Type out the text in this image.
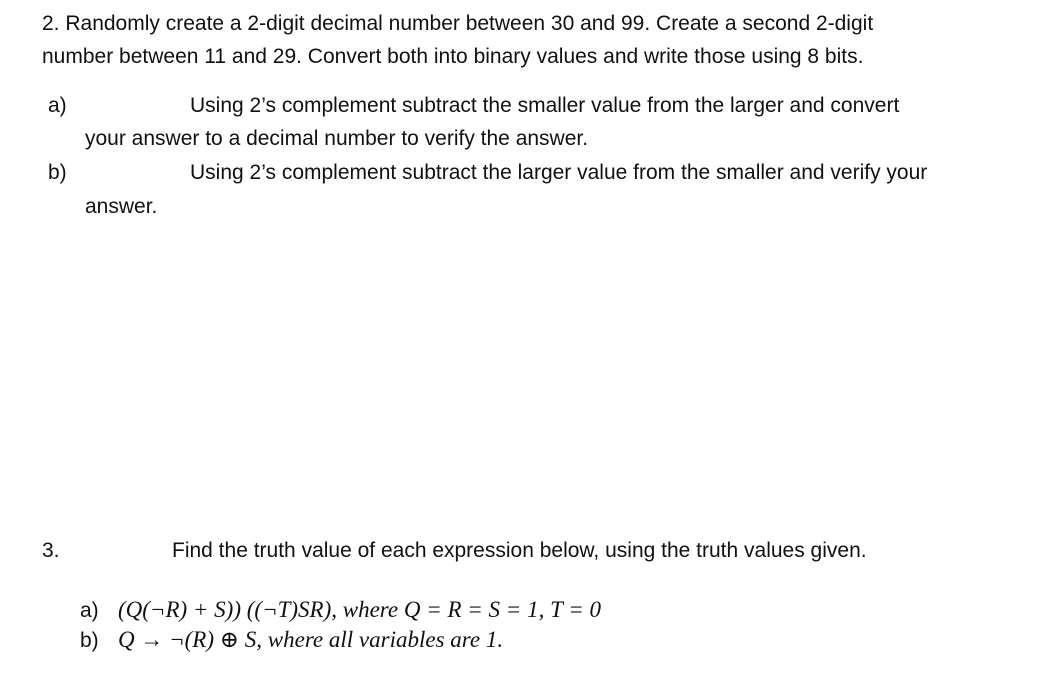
2. Randomly create a 2-digit decimal number between 30 and 99. Create a second 2-digit
number between 11 and 29. Convert both into binary values and write those using 8 bits.
a)	Using 2’s complement subtract the smaller value from the larger and convert
your answer to a decimal number to verify the answer.
b)	Using 2’s complement subtract the larger value from the smaller and verify your
answer.
3.	Find the truth value of each expression below, using the truth values given.
a) (Q(¬R) + S)) ((¬T)SR), where Q = R = S = 1, T = 0
b) Q → ¬(R) ⊕ S, where all variables are 1.
